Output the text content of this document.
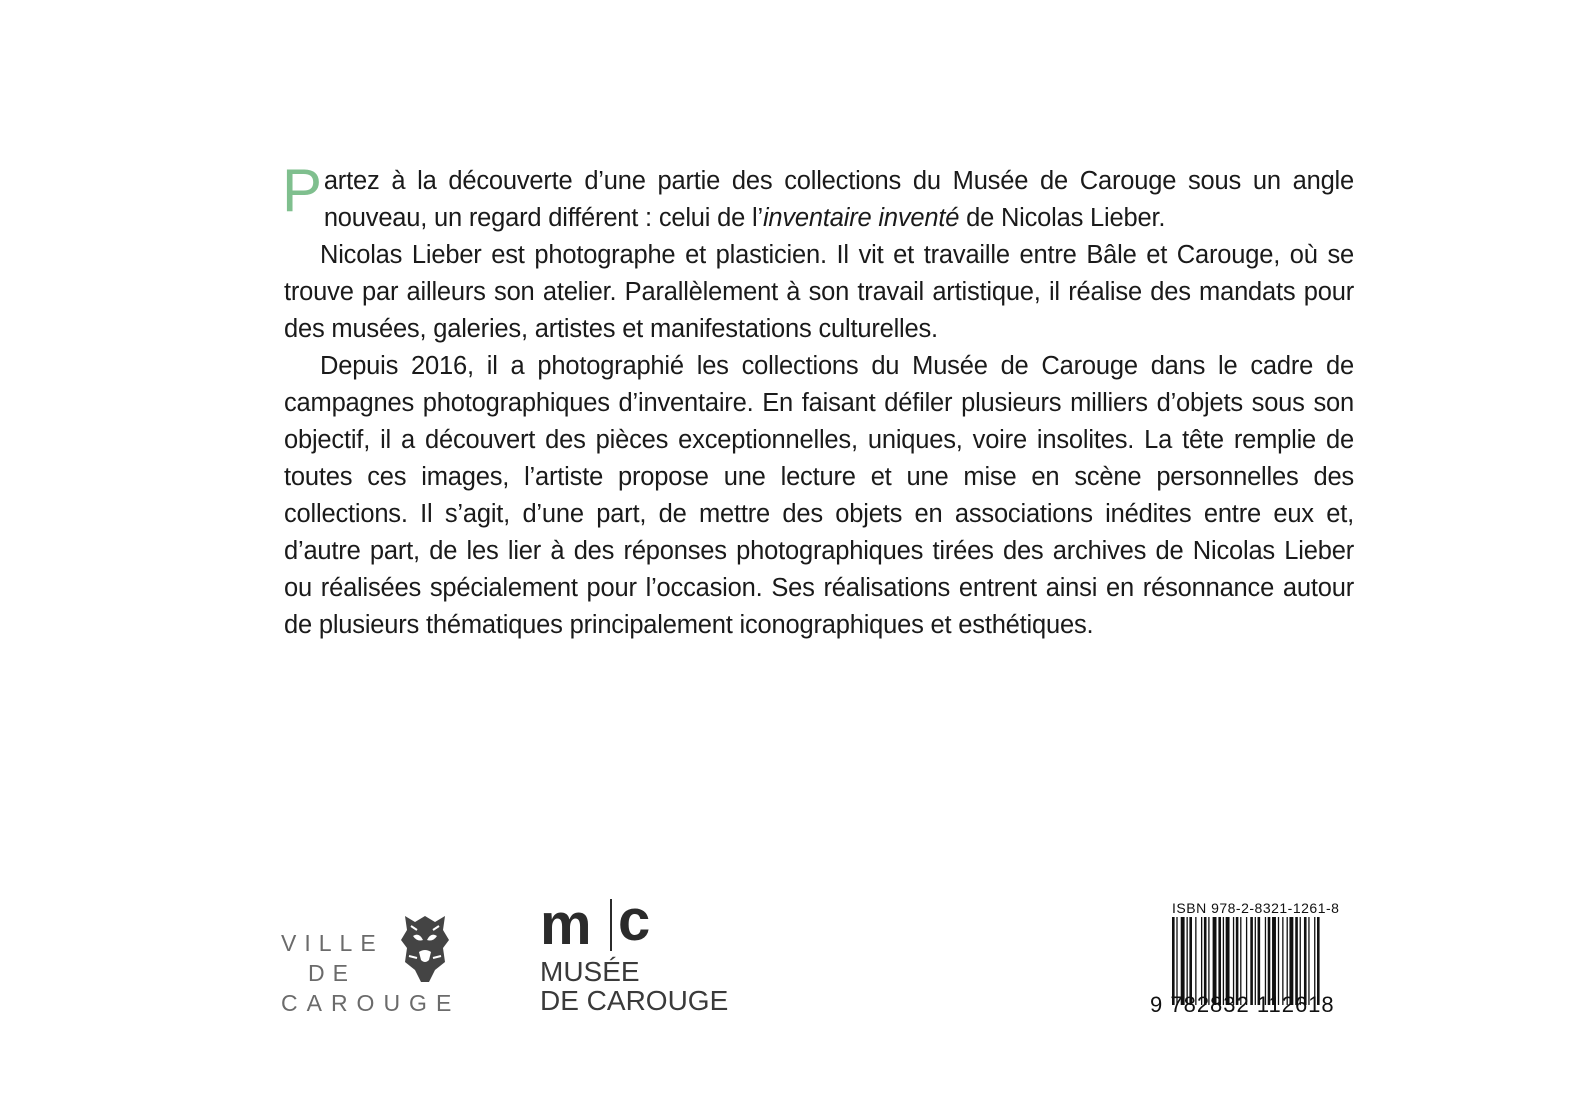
Partez à la découverte d’une partie des collections du Musée de Carouge sous un angle nouveau, un regard différent : celui de l’inventaire inventé de Nicolas Lieber.

Nicolas Lieber est photographe et plasticien. Il vit et travaille entre Bâle et Carouge, où se trouve par ailleurs son atelier. Parallèlement à son travail artistique, il réalise des mandats pour des musées, galeries, artistes et manifestations culturelles.

Depuis 2016, il a photographié les collections du Musée de Carouge dans le cadre de campagnes photographiques d’inventaire. En faisant défiler plusieurs milliers d’objets sous son objectif, il a découvert des pièces exceptionnelles, uniques, voire insolites. La tête remplie de toutes ces images, l’artiste propose une lecture et une mise en scène personnelles des collections. Il s’agit, d’une part, de mettre des objets en associations inédites entre eux et, d’autre part, de les lier à des réponses photographiques tirées des archives de Nicolas Lieber ou réalisées spécialement pour l’occasion. Ses réalisations entrent ainsi en résonnance autour de plusieurs thématiques principalement iconographiques et esthétiques.

VILLE
DE
CAROUGE
m c
MUSÉE
DE CAROUGE
ISBN 978-2-8321-1261-8
9 782832 112618
